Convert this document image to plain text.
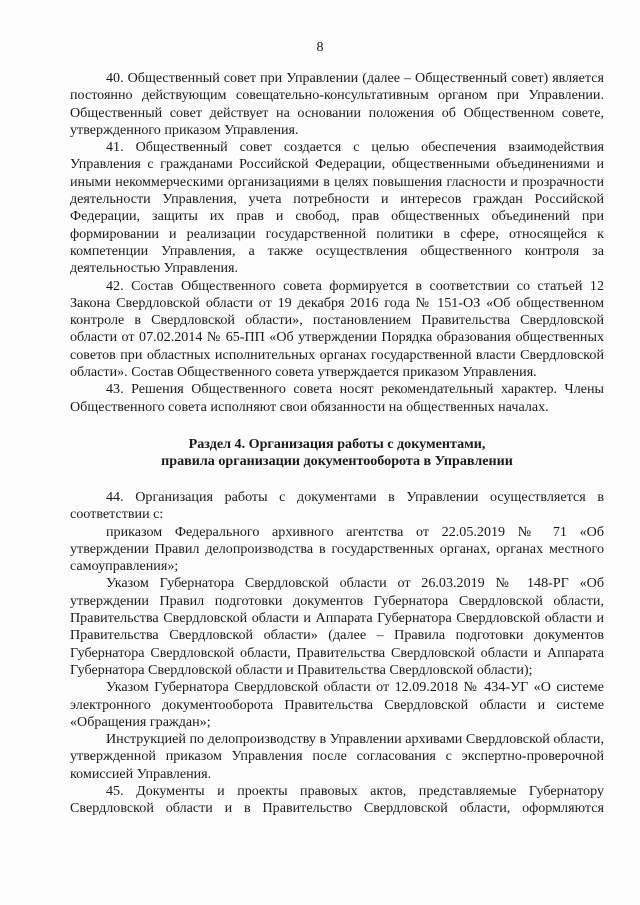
8

40. Общественный совет при Управлении (далее – Общественный совет) является постоянно действующим совещательно-консультативным органом при Управлении. Общественный совет действует на основании положения об Общественном совете, утвержденного приказом Управления.

41. Общественный совет создается с целью обеспечения взаимодействия Управления с гражданами Российской Федерации, общественными объединениями и иными некоммерческими организациями в целях повышения гласности и прозрачности деятельности Управления, учета потребности и интересов граждан Российской Федерации, защиты их прав и свобод, прав общественных объединений при формировании и реализации государственной политики в сфере, относящейся к компетенции Управления, а также осуществления общественного контроля за деятельностью Управления.

42. Состав Общественного совета формируется в соответствии со статьей 12 Закона Свердловской области от 19 декабря 2016 года № 151-ОЗ «Об общественном контроле в Свердловской области», постановлением Правительства Свердловской области от 07.02.2014 № 65-ПП «Об утверждении Порядка образования общественных советов при областных исполнительных органах государственной власти Свердловской области». Состав Общественного совета утверждается приказом Управления.

43. Решения Общественного совета носят рекомендательный характер. Члены Общественного совета исполняют свои обязанности на общественных началах.

Раздел 4. Организация работы с документами,
правила организации документооборота в Управлении

44. Организация работы с документами в Управлении осуществляется в соответствии с:

приказом Федерального архивного агентства от 22.05.2019 № 71 «Об утверждении Правил делопроизводства в государственных органах, органах местного самоуправления»;

Указом Губернатора Свердловской области от 26.03.2019 № 148-РГ «Об утверждении Правил подготовки документов Губернатора Свердловской области, Правительства Свердловской области и Аппарата Губернатора Свердловской области и Правительства Свердловской области» (далее – Правила подготовки документов Губернатора Свердловской области, Правительства Свердловской области и Аппарата Губернатора Свердловской области и Правительства Свердловской области);

Указом Губернатора Свердловской области от 12.09.2018 № 434-УГ «О системе электронного документооборота Правительства Свердловской области и системе «Обращения граждан»;

Инструкцией по делопроизводству в Управлении архивами Свердловской области, утвержденной приказом Управления после согласования с экспертно-проверочной комиссией Управления.

45. Документы и проекты правовых актов, представляемые Губернатору Свердловской области и в Правительство Свердловской области, оформляются
